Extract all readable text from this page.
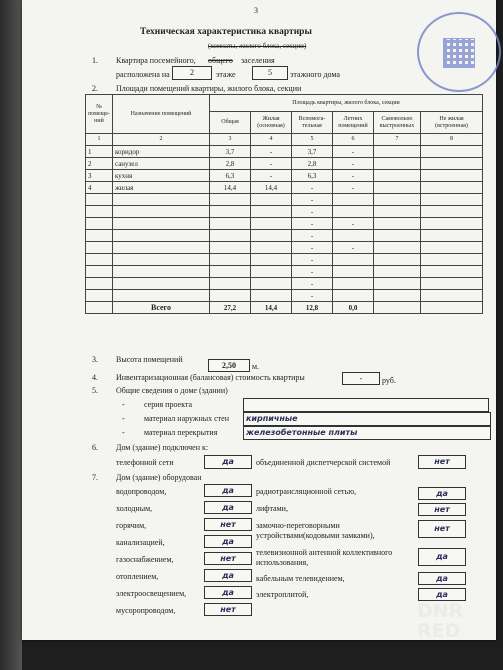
3
Техническая характеристика квартиры
(комнаты, жилого блока, секции)
1. Квартира посемейного, общего заселения
расположена на	2	этаже	5	этажного дома
2. Площади помещений квартиры, жилого блока, секции
№ помеще-ний	Назначение помещений	Площадь квартиры, жилого блока, секции					
		Общая	Жилая (основная)	Вспомога-тельная	Летних помещений	Самовольно выстроенных	Не жилая (встроенная)
1	2	3	4	5	6	7	8
1	коридор	3,7	-	3,7	-		
2	санузел	2,8	-	2,8	-		
3	кухня	6,3	-	6,3	-		
4	жилая	14,4	14,4	-	-		
				-			
				-			
				-	-		
				-			
				-	-		
				-			
				-			
				-			
				-			
	Всего	27,2	14,4	12,8	0,0		
3. Высота помещений
2,50	м.
4. Инвентаризационная (балансовая) стоимость квартиры	-	руб.
5. Общие сведения о доме (здании)
- серия проекта
- материал наружных стен	кирпичные
- материал перекрытия	железобетонные плиты
6. Дом (здание) подключен к:
телефонной сети	да	объединенной диспетчерской системой	нет
7. Дом (здание) оборудован
водопроводом,	да
холодным,	да
горячим,	нет
канализацией,	да
газоснабжением,	нет
отоплением,	да
электроосвещением,	да
мусоропроводом,	нет
радиотрансляционной сетью,	да
лифтами,	нет
замочно-переговорными
устройствами(кодовыми замками),
нет
телевизионной антенной коллективного
использования,
да
кабельным телевидением,	да
электроплитой,	да
DNR RED
